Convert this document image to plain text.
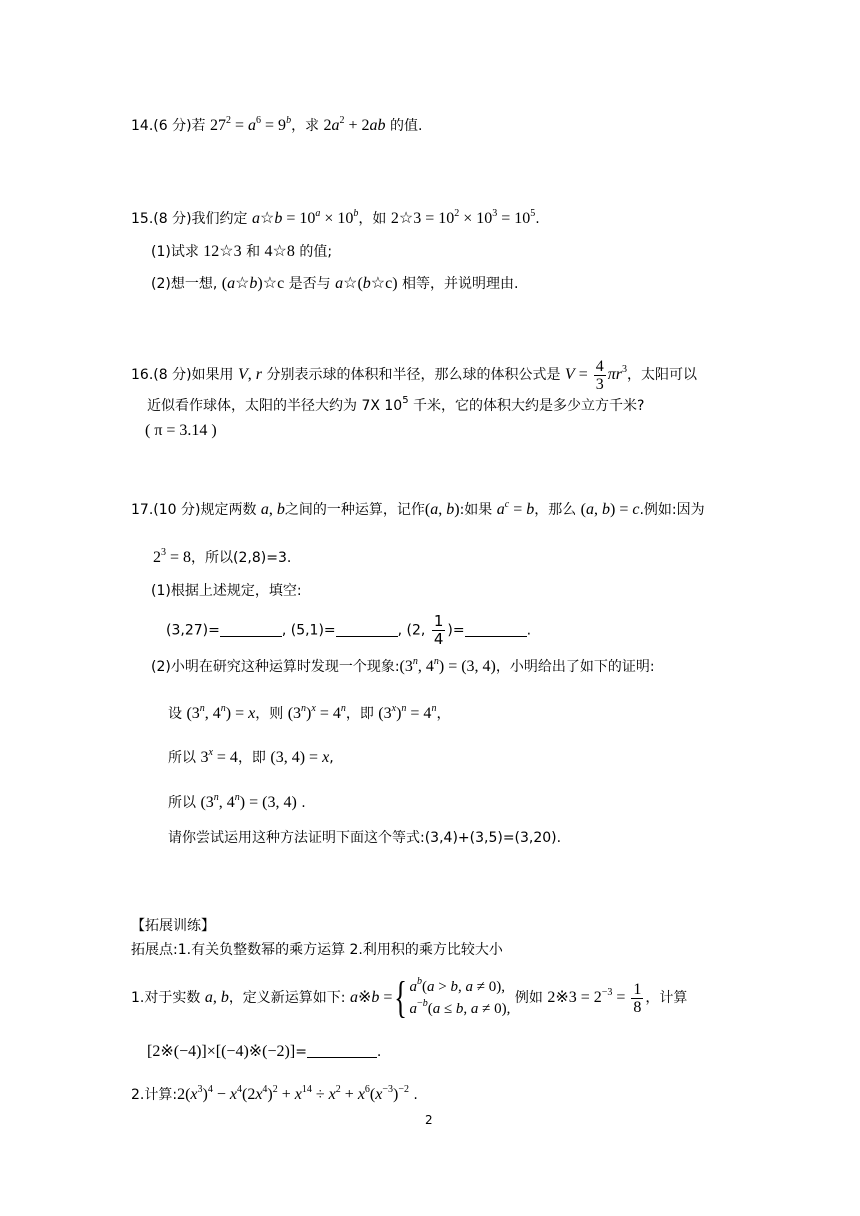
14.(6 分)若 $27^2 = a^6 = 9^b$，求 $2a^2 + 2ab$ 的值.
15.(8 分)我们约定 a☆b = $10^a \times 10^b$，如 2☆3 = $10^2 \times 10^3 = 10^5$.
(1)试求 12☆3 和 4☆8 的值;
(2)想一想, (a☆b)☆c 是否与 a☆(b☆c) 相等，并说明理由.
16.(8 分)如果用 V, r 分别表示球的体积和半径，那么球的体积公式是 $V = \frac{4}{3} \pi r^3$，太阳可以
近似看作球体，太阳的半径大约为 7X $10^5$ 千米，它的体积大约是多少立方千米?
( π = 3.14 )
17.(10 分)规定两数 a, b之间的一种运算，记作(a, b):如果 $a^c = b$，那么 (a, b) = c.例如:因为
$2^3 = 8$，所以(2,8)=3.
(1)根据上述规定，填空:
(3,27)=	, (5,1)=	, (2, $\frac{1}{4}$ )=	.
(2)小明在研究这种运算时发现一个现象:(3$^n$, $4^n) = (3$, 4)，小明给出了如下的证明:
设 (3$^n$, $4^n) = x$，则 $(3^n)^x = 4^n$，即 $(3^x)^n = 4^n$，
所以 $3^x = 4$，即 (3, 4) = x,
所以 (3$^n$, $4^n) = (3$, 4) .
请你尝试运用这种方法证明下面这个等式:(3,4)+(3,5)=(3,20).
【拓展训练】
拓展点:1.有关负整数幂的乘方运算 2.利用积的乘方比较大小
1.对于实数 a, b，定义新运算如下: a※b ={ $a^b(a > b$, a ≠ 0),
$a^{-b}(a \le b$, a ≠ 0),
例如 2※3 = $2^{-3} = \frac{1}{8}$ ，计算
[2※(−4)]×[(−4)※(−2)]=	.
2.计算$:2(x^3)^4 - x^4(2x^4)^2 + x^{14} \div x^2 + x^6(x^{-3})^{-2}$ .
2
